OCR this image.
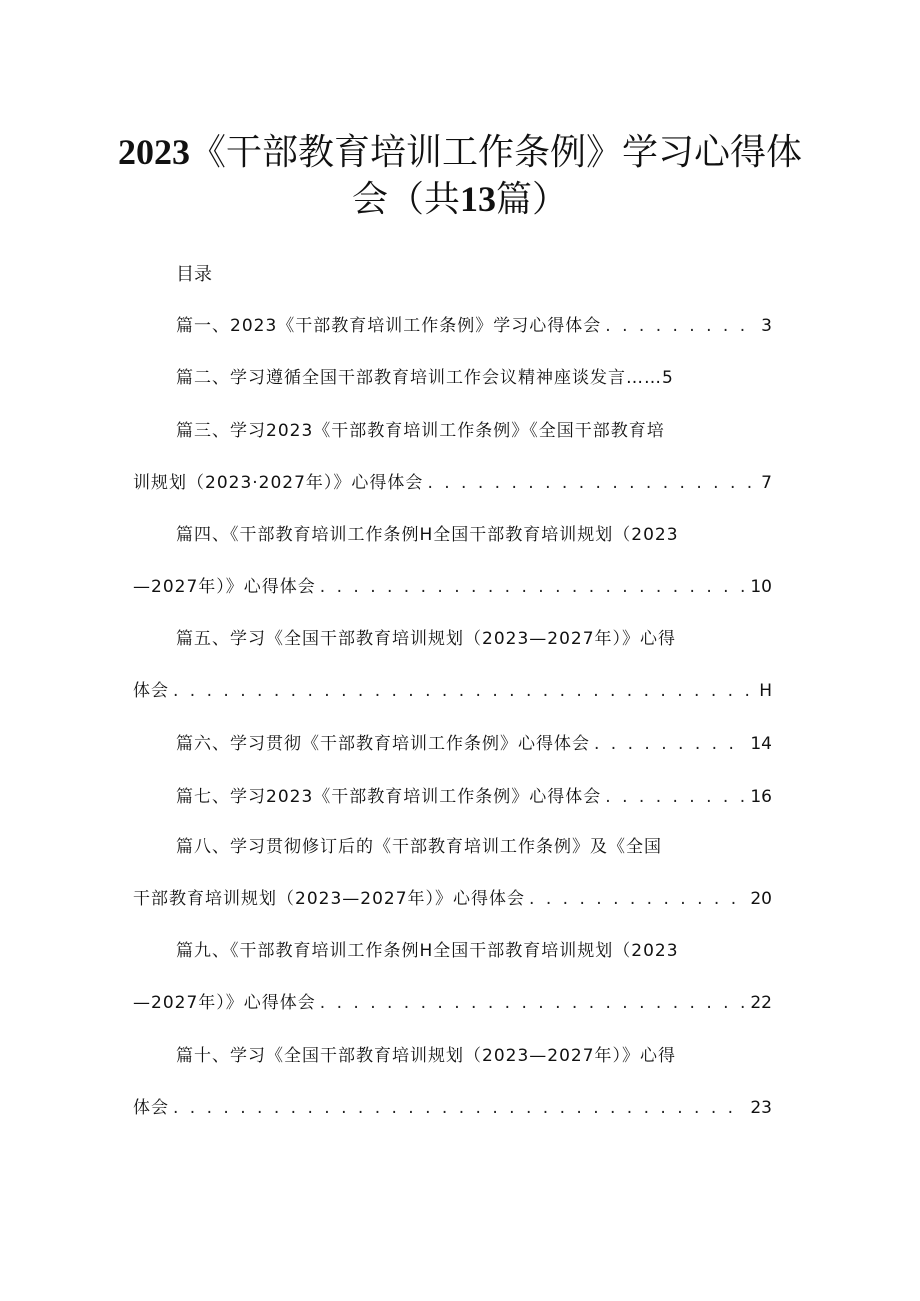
2023《干部教育培训工作条例》学习心得体
会（共13篇）
目录
篇一、2023《干部教育培训工作条例》学习心得体会 . . .	3
篇二、学习遵循全国干部教育培训工作会议精神座谈发言…… 5
篇三、学习2023《干部教育培训工作条例》《全国干部教育培
训规划（2023·2027年）》心得体会 . . .	7
篇四、《干部教育培训工作条例H全国干部教育培训规划（2023
—2027年）》心得体会 . . .	10
篇五、学习《全国干部教育培训规划（2023—2027年）》心得
体会 . . .	H
篇六、学习贯彻《干部教育培训工作条例》心得体会 . . .	14
篇七、学习2023《干部教育培训工作条例》心得体会 . . .	16
篇八、学习贯彻修订后的《干部教育培训工作条例》及《全国
干部教育培训规划（2023—2027年）》心得体会 . . .	20
篇九、《干部教育培训工作条例H全国干部教育培训规划（2023
—2027年）》心得体会 . . .	22
篇十、学习《全国干部教育培训规划（2023—2027年）》心得
体会 . . .	23
